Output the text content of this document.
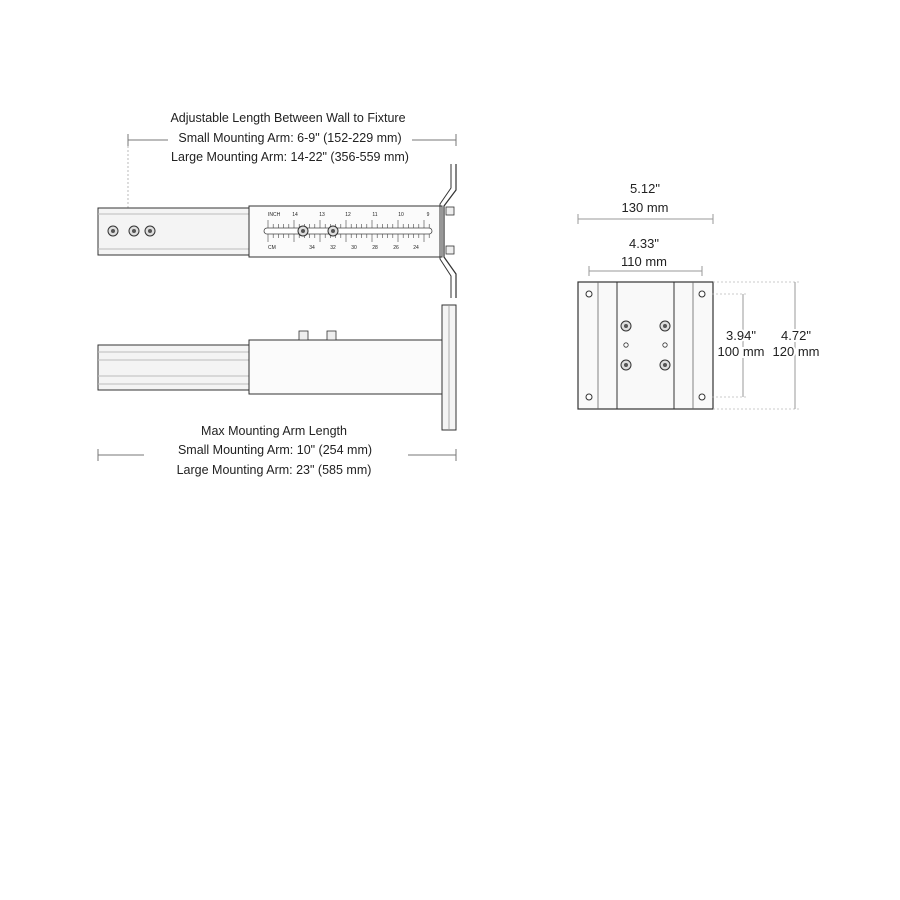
Adjustable Length Between Wall to Fixture
Small Mounting Arm: 6-9" (152-229 mm)
Large Mounting Arm: 14-22" (356-559 mm)
INCH
CM
14	13	12	11	10	9
34	32	30	28	26	24
Max Mounting Arm Length
Small Mounting Arm: 10" (254 mm)
Large Mounting Arm: 23" (585 mm)
5.12"
130 mm
4.33"
110 mm
3.94"
100 mm
4.72"
120 mm
